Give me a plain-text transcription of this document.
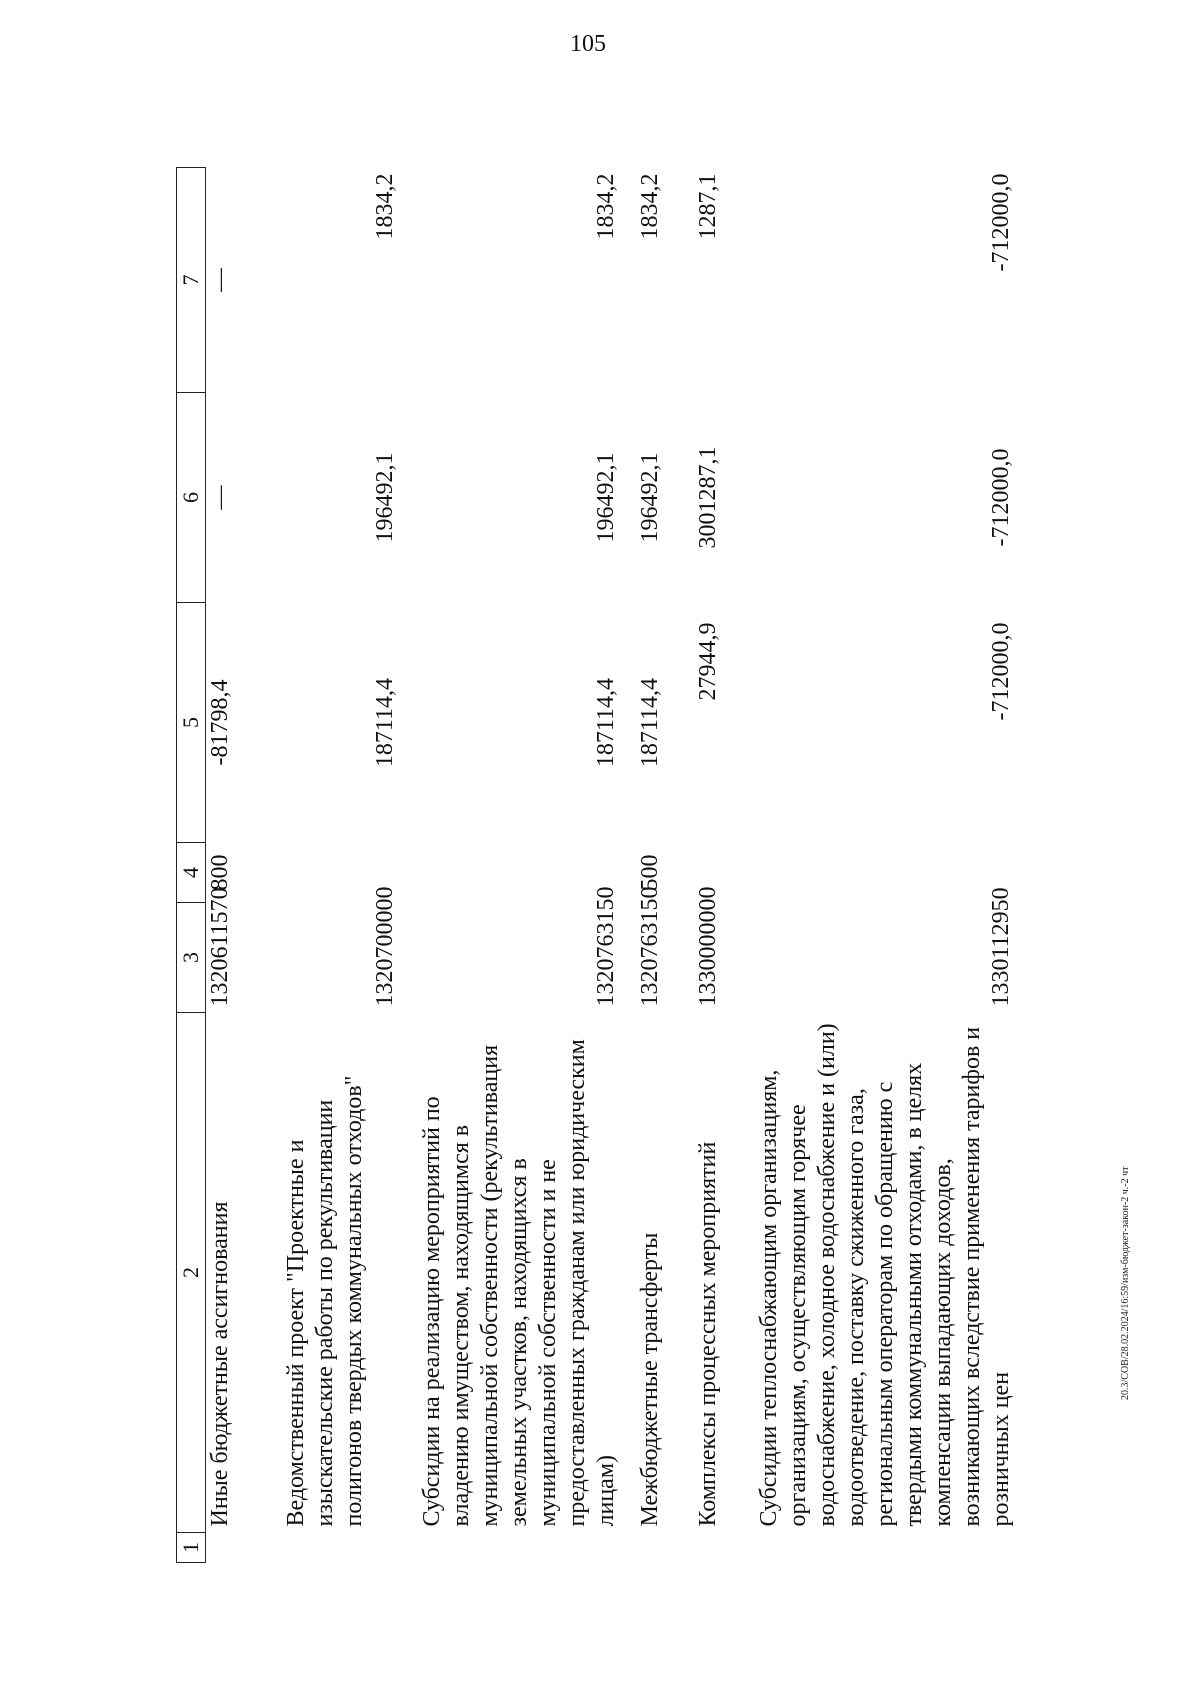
105
1	2	3	4	5	6	7
	Иные бюджетные ассигнования	1320611570	800	-81798,4	—	—
	Ведомственный проект "Проектные и изыскательские работы по рекультивации полигонов твердых коммунальных отходов"	1320700000		187114,4	196492,1	1834,2
	Субсидии на реализацию мероприятий по владению имуществом, находящимся в муниципальной собственности (рекультивация земельных участков, находящихся в муниципальной собственности и не предоставленных гражданам или юридическим лицам)	1320763150		187114,4	196492,1	1834,2
	Межбюджетные трансферты	1320763150	500	187114,4	196492,1	1834,2
	Комплексы процессных мероприятий	1330000000		27944,9	3001287,1	1287,1
	Субсидии теплоснабжающим организациям, организациям, осуществляющим горячее водоснабжение, холодное водоснабжение и (или) водоотведение, поставку сжиженного газа, региональным операторам по обращению с твердыми коммунальными отходами, в целях компенсации выпадающих доходов, возникающих вследствие применения тарифов и розничных цен	1330112950		-712000,0	-712000,0	-712000,0
20.3/СОВ/28.02.2024/16:59/изм-бюджет-закон-2 ч.-2 чт
